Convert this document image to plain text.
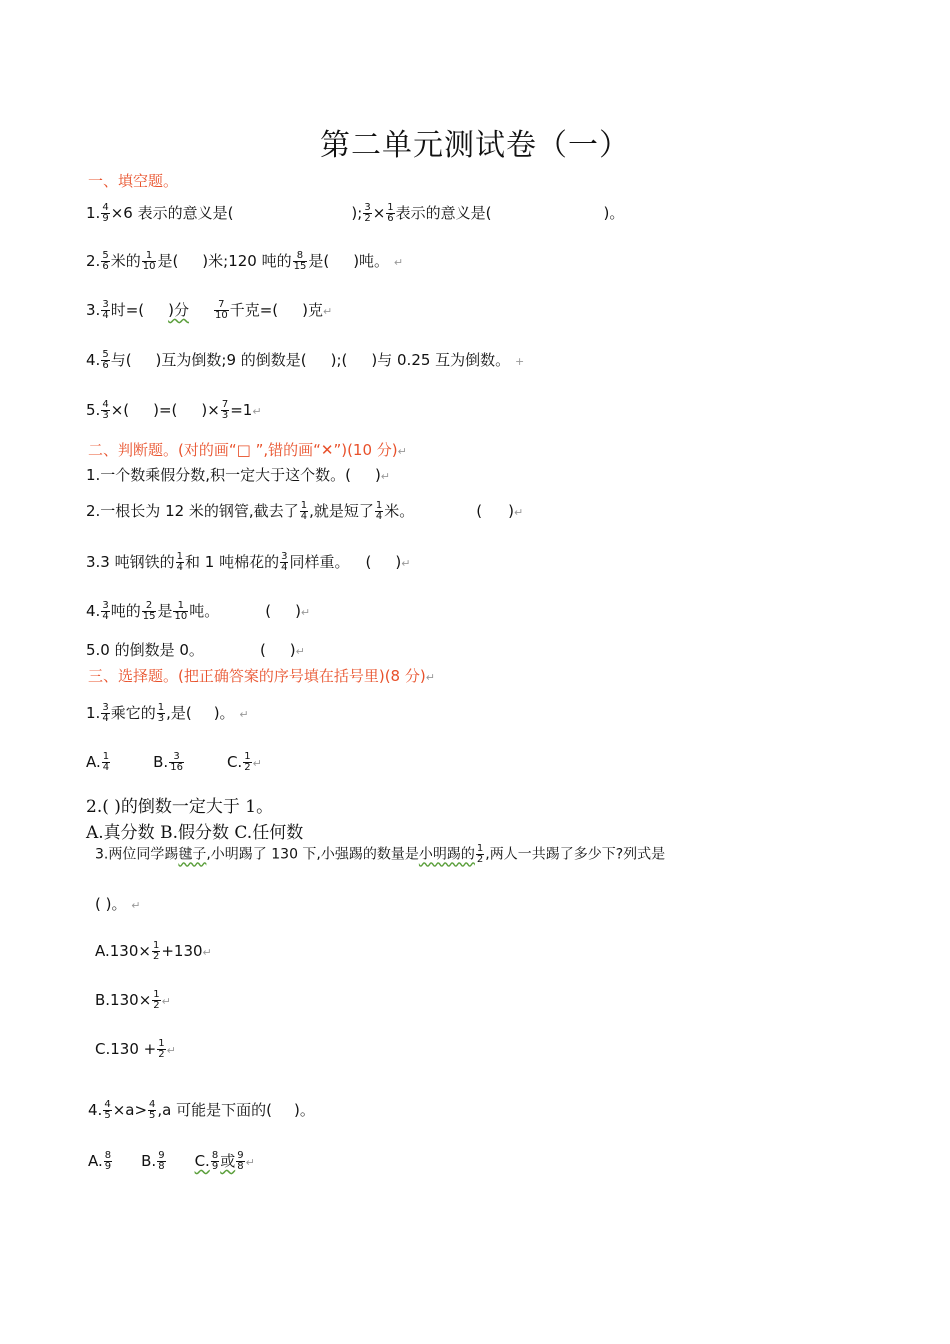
第二单元测试卷（一）
一、填空题。
1. $\frac{4}{9} \times 6$ 表示的意义是(	); $\frac{3}{2} \times \frac{1}{6}$ 表示的意义是(	)。
2. $\frac{5}{6}$ 米的 $\frac{1}{10}$ 是( )米;120 吨的 $\frac{8}{15}$ 是( )吨。 ↵
3. $\frac{3}{4}$ 时=( )分	$\frac{7}{10}$ 千克=( )克↵
4. $\frac{5}{6}$ 与( )互为倒数;9 的倒数是( );( )与 0.25 互为倒数。 +
5. $\frac{4}{3}$ ×( )=( )× $\frac{7}{3}$ =1↵
二、判断题。(对的画“□ ”,错的画“✕”)(10 分)↵
1.一个数乘假分数,积一定大于这个数。( )↵
2.一根长为 12 米的钢管,截去了 $\frac{1}{4}$ ,就是短了 $\frac{1}{4}$ 米。	( )↵
3.3 吨钢铁的 $\frac{1}{4}$ 和 1 吨棉花的 $\frac{3}{4}$ 同样重。 ( )↵
4. $\frac{3}{4}$ 吨的 $\frac{2}{15}$ 是 $\frac{1}{10}$ 吨。	( )↵
5.0 的倒数是 0。	( )↵
三、选择题。(把正确答案的序号填在括号里)(8 分)↵
1. $\frac{3}{4}$ 乘它的 $\frac{1}{3}$ ,是( )。 ↵
A. $\frac{1}{4}$	B. $\frac{3}{16}$	C. $\frac{1}{2}$ ↵
2.( )的倒数一定大于 1。
A.真分数 B.假分数 C.任何数
3.两位同学踢毽子,小明踢了 130 下,小强踢的数量是小明踢的 $\frac{1}{2}$ ,两人一共踢了多少下?列式是
( )。 ↵
$A.130\times \frac{1}{2}$ +130↵
$B.130\times \frac{1}{2}$ ↵
$C.130 + \frac{1}{2}$ ↵
4. $\frac{4}{5} \times a> \frac{4}{5} ,a$ 可能是下面的( )。
A. $\frac{8}{9} B$. $\frac{9}{8} C$. $\frac{8}{9}$ 或 $\frac{9}{8}$ ↵
